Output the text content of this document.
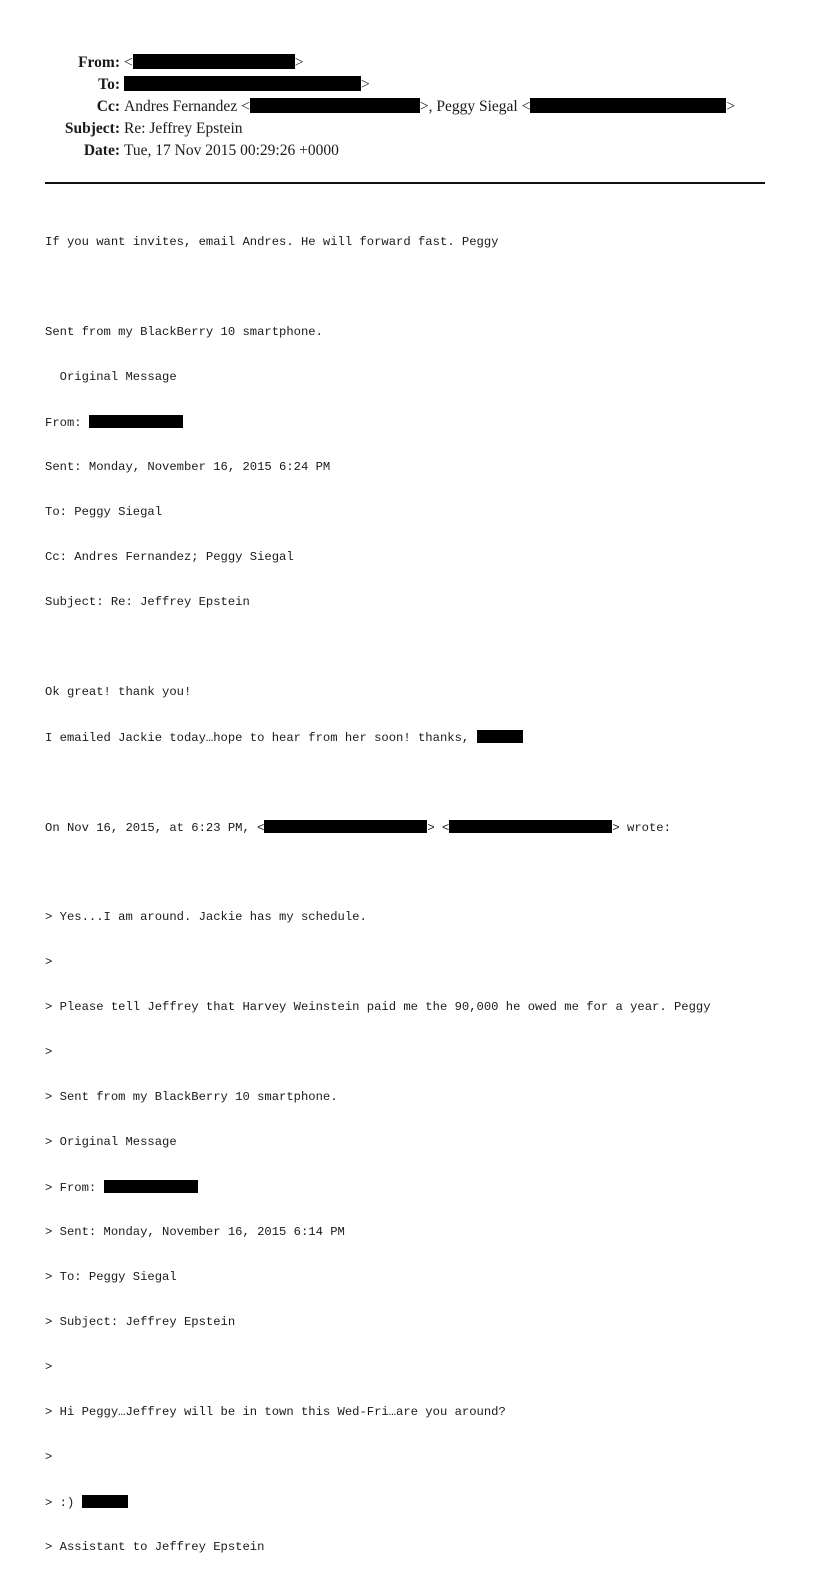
From: <	>
To:	>
Cc: Andres Fernandez <	>, Peggy Siegal <	>
Subject: Re: Jeffrey Epstein
Date: Tue, 17 Nov 2015 00:29:26 +0000

If you want invites, email Andres. He will forward fast. Peggy

Sent from my BlackBerry 10 smartphone.

Original Message

From:

Sent: Monday, November 16, 2015 6:24 PM

To: Peggy Siegal

Cc: Andres Fernandez; Peggy Siegal

Subject: Re: Jeffrey Epstein

Ok great! thank you!

I emailed Jackie today…hope to hear from her soon! thanks,

On Nov 16, 2015, at 6:23 PM, <	> <	> wrote:

> Yes...I am around. Jackie has my schedule.

>

> Please tell Jeffrey that Harvey Weinstein paid me the 90,000 he owed me for a year. Peggy

>

> Sent from my BlackBerry 10 smartphone.

> Original Message

> From:

> Sent: Monday, November 16, 2015 6:14 PM

> To: Peggy Siegal

> Subject: Jeffrey Epstein

>

> Hi Peggy…Jeffrey will be in town this Wed-Fri…are you around?

>

> :)

> Assistant to Jeffrey Epstein
